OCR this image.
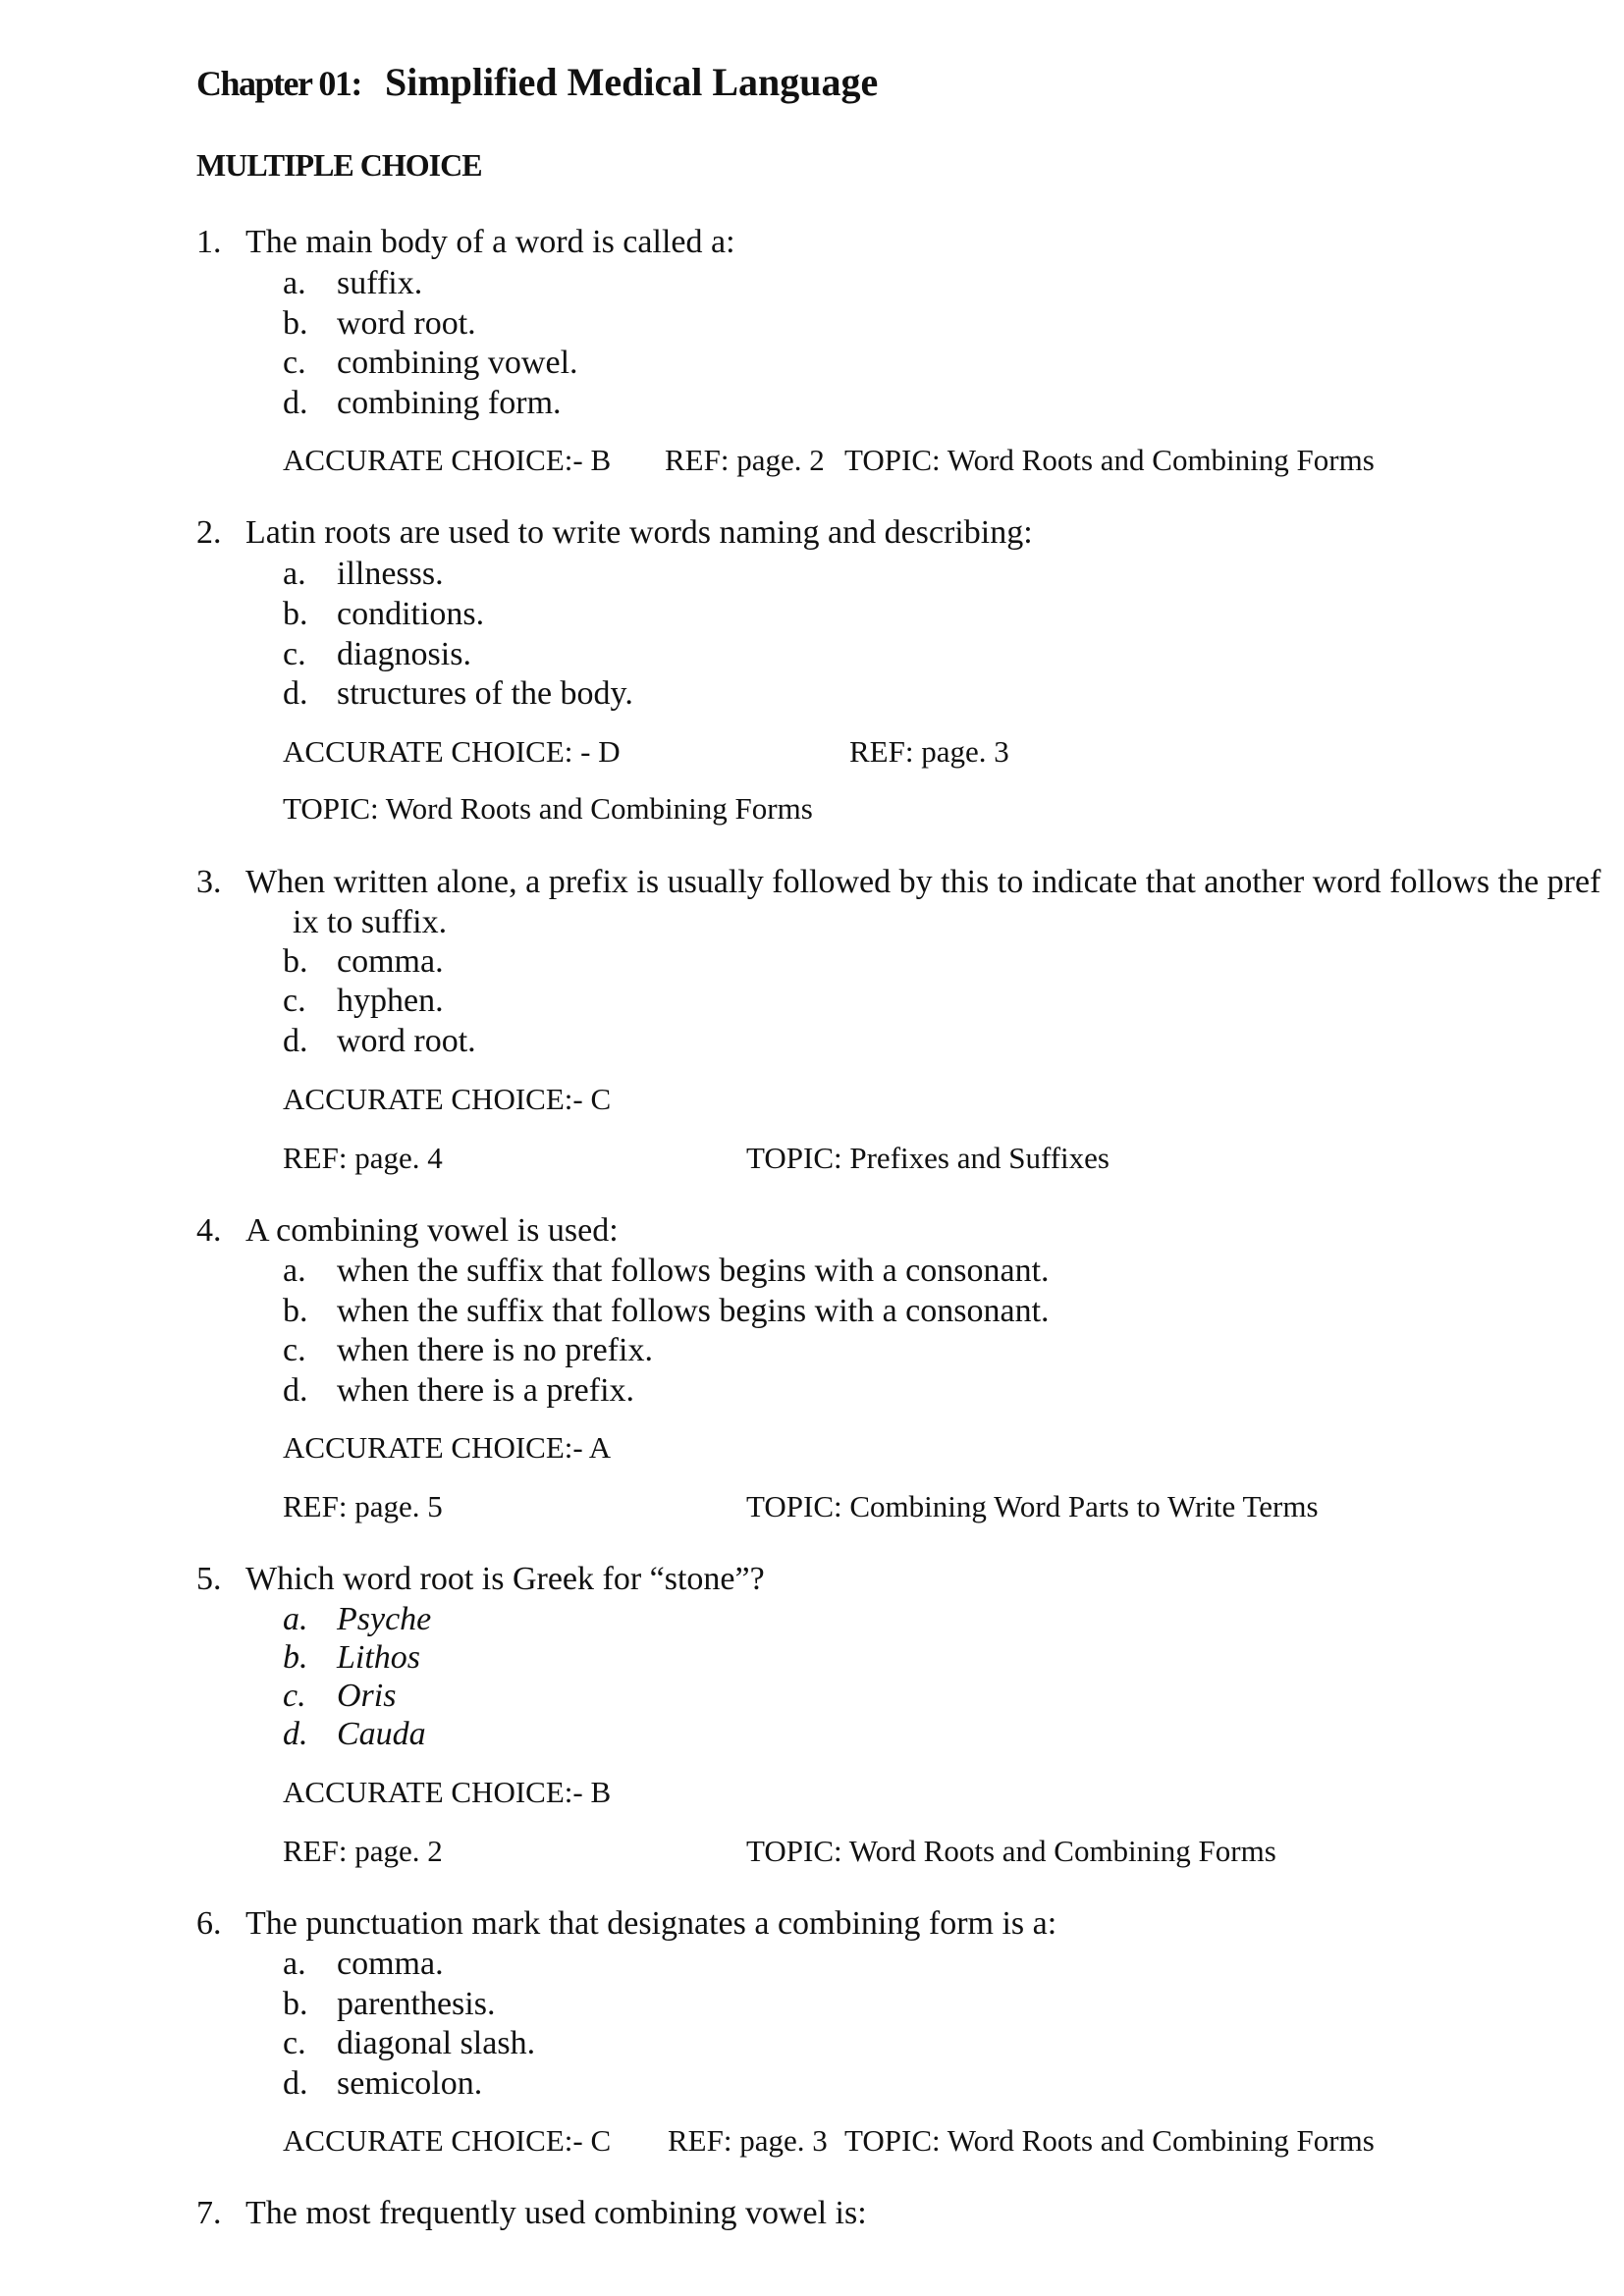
Chapter 01: Simplified Medical Language
MULTIPLE CHOICE
1. The main body of a word is called a:
a. suffix.
b. word root.
c. combining vowel.
d. combining form.
ACCURATE CHOICE:- B REF: page. 2 TOPIC: Word Roots and Combining Forms
2. Latin roots are used to write words naming and describing:
a. illnesss.
b. conditions.
c. diagnosis.
d. structures of the body.
ACCURATE CHOICE: - D	REF: page. 3
TOPIC: Word Roots and Combining Forms
3. When written alone, a prefix is usually followed by this to indicate that another word follows the pref
ix to suffix.
b. comma.
c. hyphen.
d. word root.
ACCURATE CHOICE:- C
REF: page. 4	TOPIC: Prefixes and Suffixes
4. A combining vowel is used:
a. when the suffix that follows begins with a consonant.
b. when the suffix that follows begins with a consonant.
c. when there is no prefix.
d. when there is a prefix.
ACCURATE CHOICE:- A
REF: page. 5	TOPIC: Combining Word Parts to Write Terms
5. Which word root is Greek for “stone”?
a. Psyche
b. Lithos
c. Oris
d. Cauda
ACCURATE CHOICE:- B
REF: page. 2	TOPIC: Word Roots and Combining Forms
6. The punctuation mark that designates a combining form is a:
a. comma.
b. parenthesis.
c. diagonal slash.
d. semicolon.
ACCURATE CHOICE:- C REF: page. 3 TOPIC: Word Roots and Combining Forms
7. The most frequently used combining vowel is:
